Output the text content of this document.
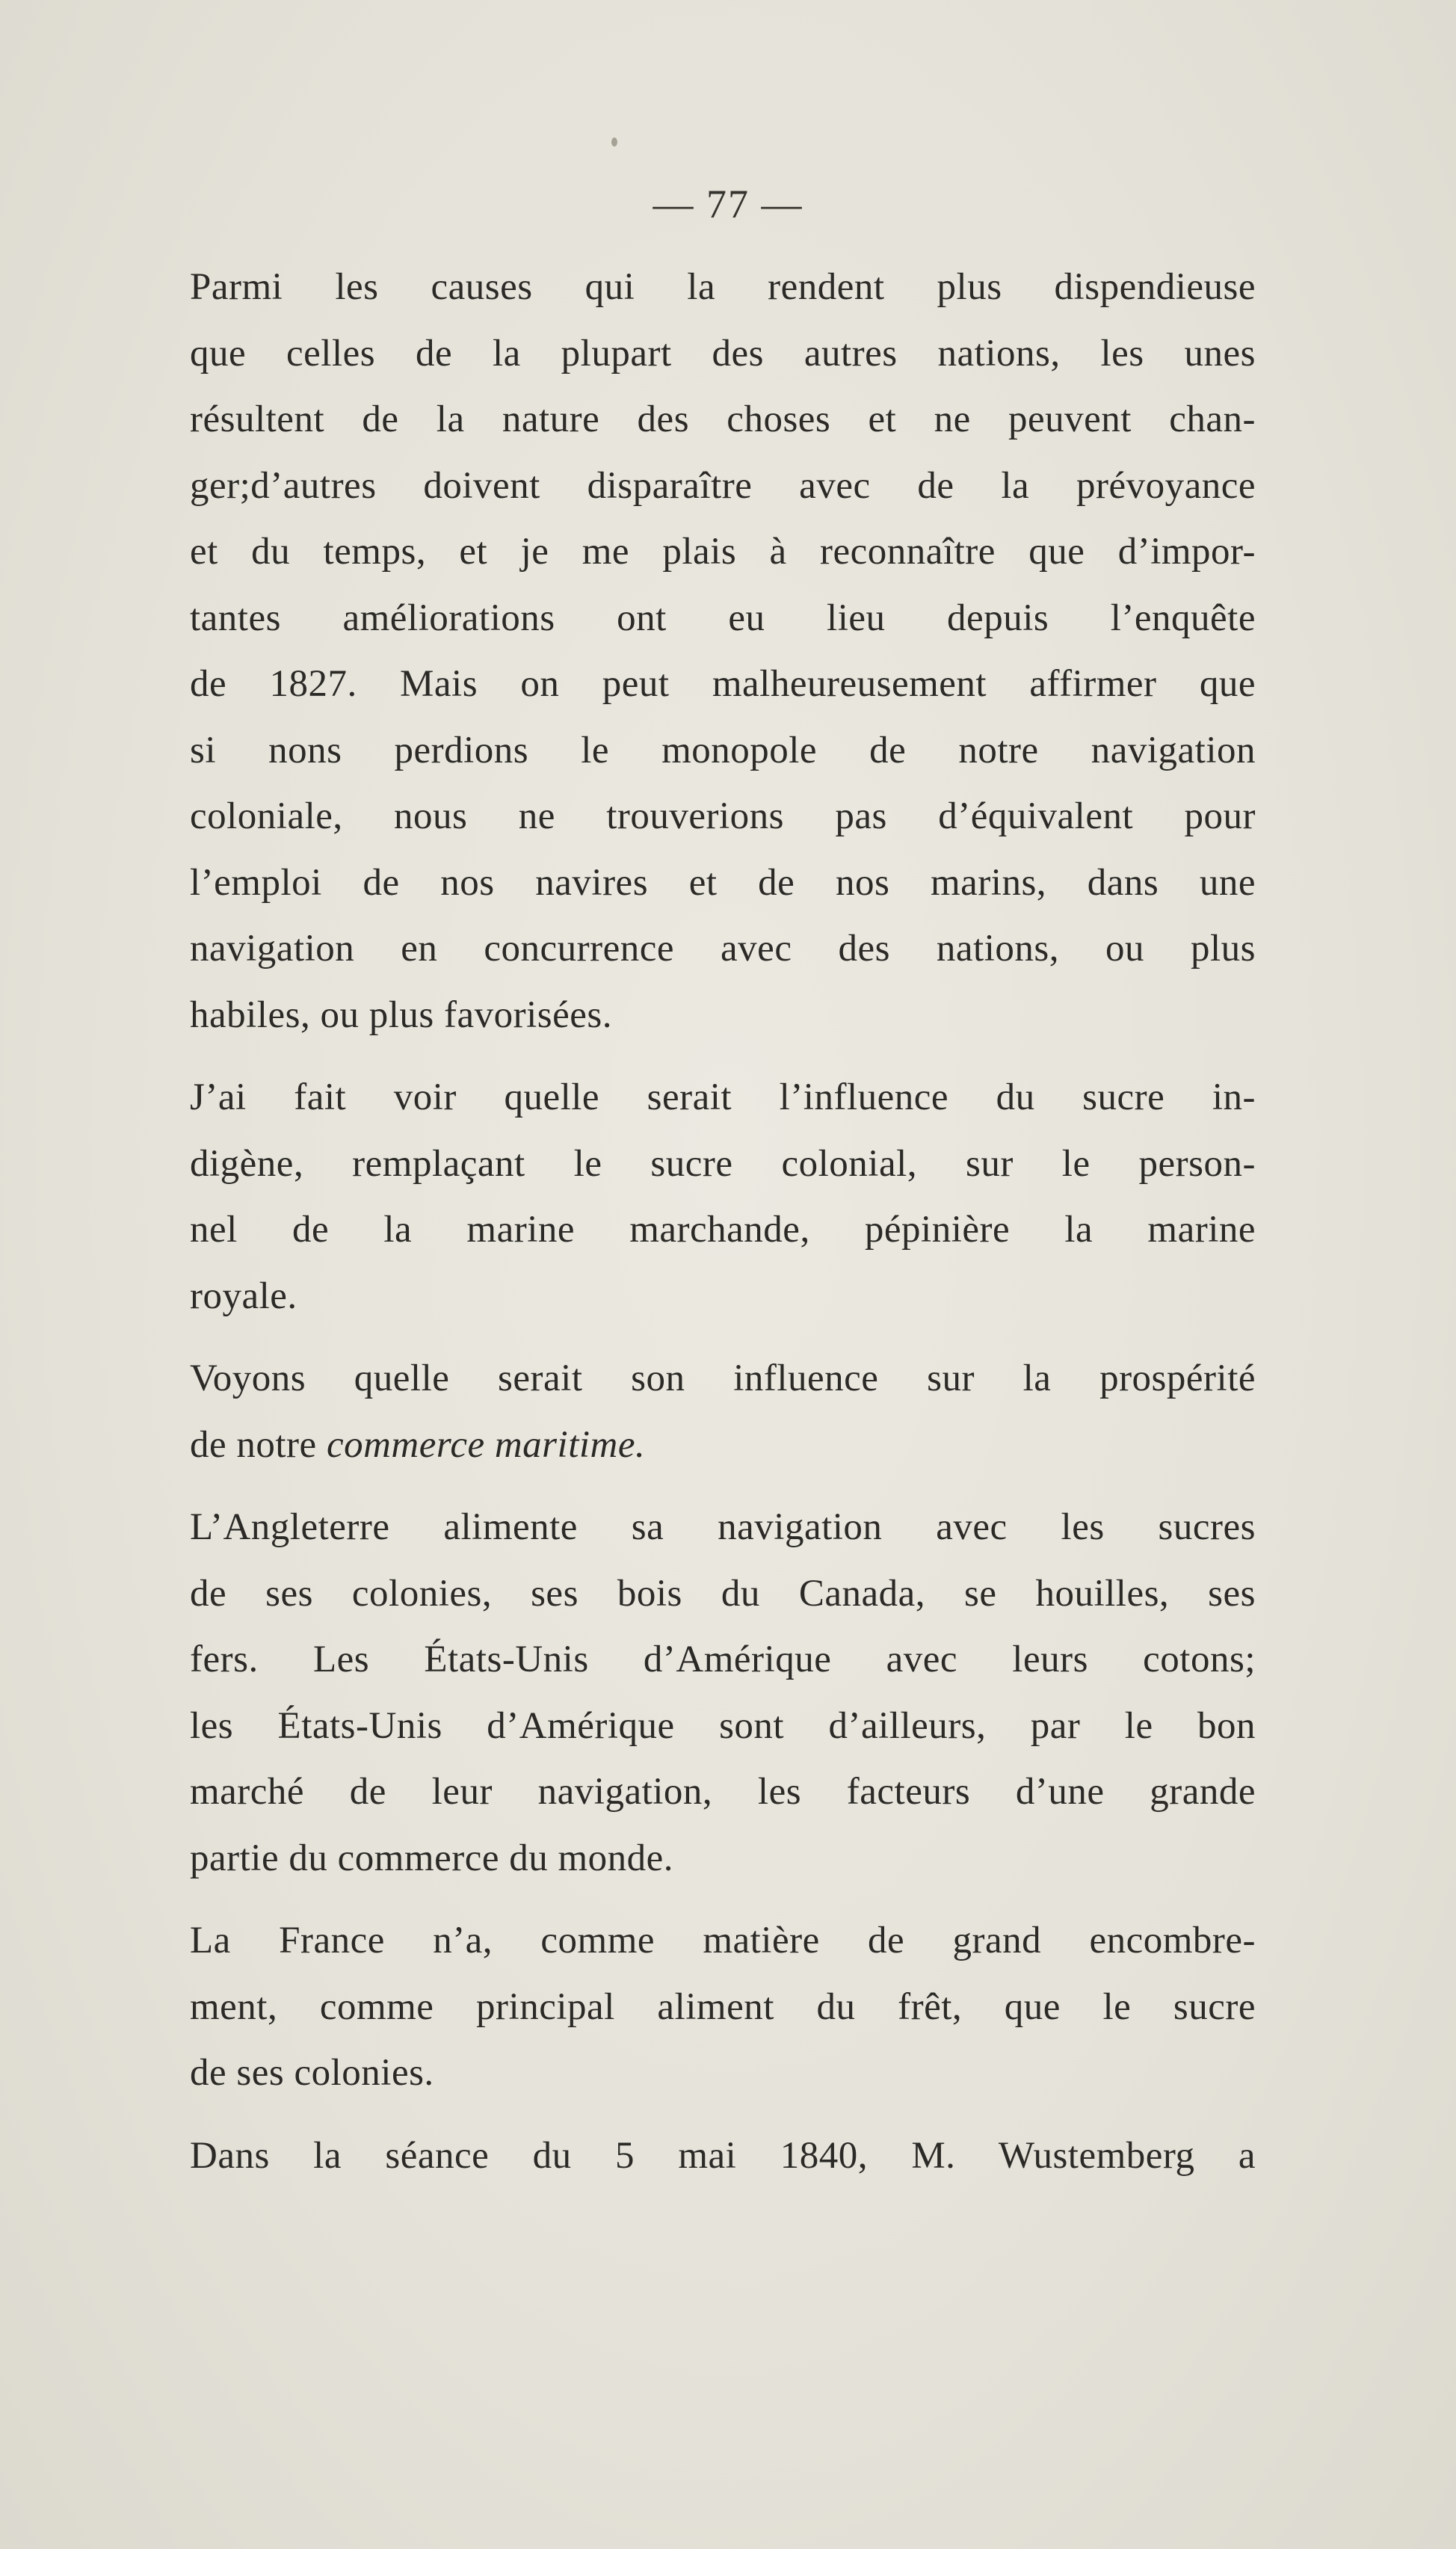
— 77 —

Parmi les causes qui la rendent plus dispendieuse
que celles de la plupart des autres nations, les unes
résultent de la nature des choses et ne peuvent chan-
ger;d’autres doivent disparaître avec de la prévoyance
et du temps, et je me plais à reconnaître que d’impor-
tantes améliorations ont eu lieu depuis l’enquête
de 1827. Mais on peut malheureusement affirmer que
si nons perdions le monopole de notre navigation
coloniale, nous ne trouverions pas d’équivalent pour
l’emploi de nos navires et de nos marins, dans une
navigation en concurrence avec des nations, ou plus
habiles, ou plus favorisées.

J’ai fait voir quelle serait l’influence du sucre in-
digène, remplaçant le sucre colonial, sur le person-
nel de la marine marchande, pépinière la marine
royale.

Voyons quelle serait son influence sur la prospérité
de notre commerce maritime.

L’Angleterre alimente sa navigation avec les sucres
de ses colonies, ses bois du Canada, se houilles, ses
fers. Les États-Unis d’Amérique avec leurs cotons;
les États-Unis d’Amérique sont d’ailleurs, par le bon
marché de leur navigation, les facteurs d’une grande
partie du commerce du monde.

La France n’a, comme matière de grand encombre-
ment, comme principal aliment du frêt, que le sucre
de ses colonies.

Dans la séance du 5 mai 1840, M. Wustemberg a
